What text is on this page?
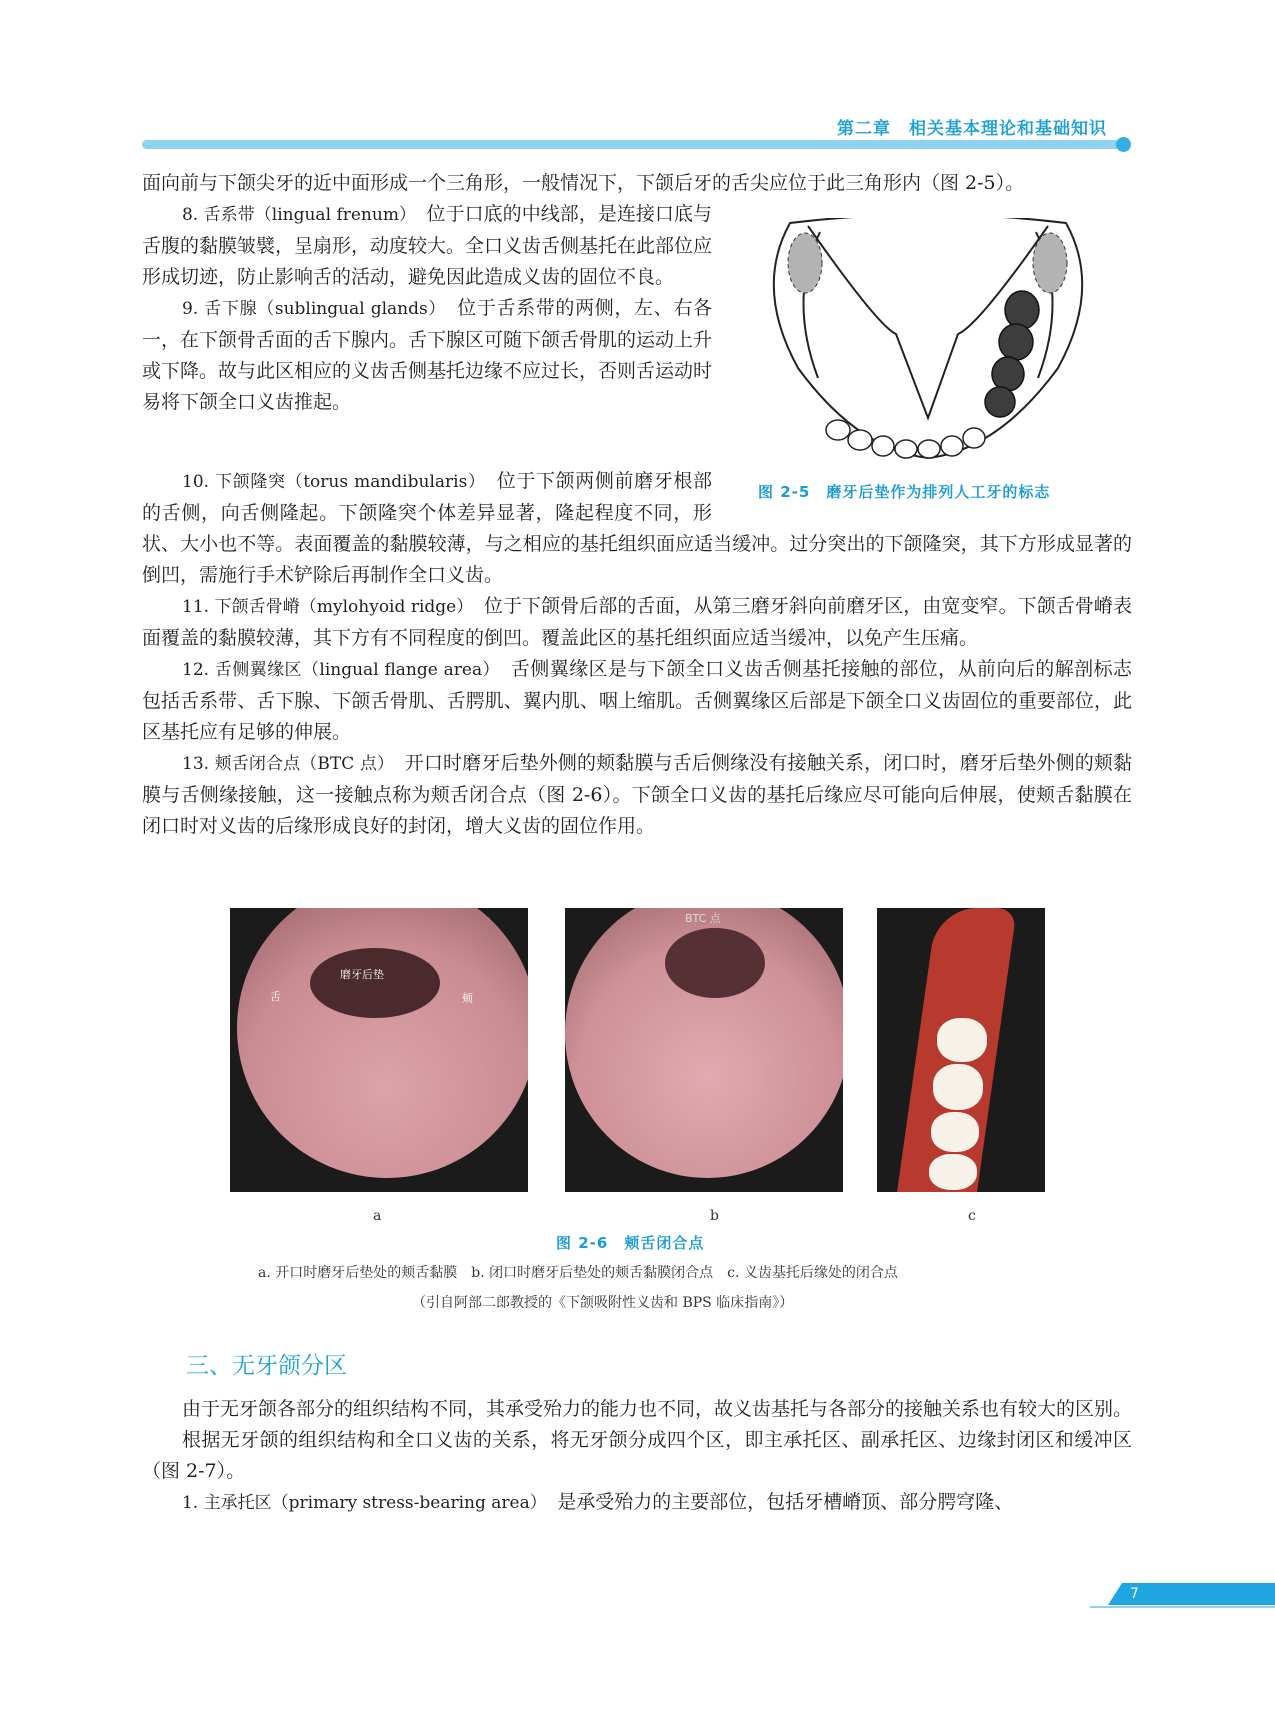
第二章　相关基本理论和基础知识

面向前与下颌尖牙的近中面形成一个三角形，一般情况下，下颌后牙的舌尖应位于此三角形内（图 2-5）。

8. 舌系带（lingual frenum）　位于口底的中线部，是连接口底与舌腹的黏膜皱襞，呈扇形，动度较大。全口义齿舌侧基托在此部位应形成切迹，防止影响舌的活动，避免因此造成义齿的固位不良。

9. 舌下腺（sublingual glands）　位于舌系带的两侧，左、右各一，在下颌骨舌面的舌下腺内。舌下腺区可随下颌舌骨肌的运动上升或下降。故与此区相应的义齿舌侧基托边缘不应过长，否则舌运动时易将下颌全口义齿推起。

10. 下颌隆突（torus mandibularis）　位于下颌两侧前磨牙根部的舌侧，向舌侧隆起。下颌隆突个体差异显著，隆起程度不同，形状、大小也不等。表面覆盖的黏膜较薄，与之相应的基托组织面应适当缓冲。过分突出的下颌隆突，其下方形成显著的倒凹，需施行手术铲除后再制作全口义齿。

11. 下颌舌骨嵴（mylohyoid ridge）　位于下颌骨后部的舌面，从第三磨牙斜向前磨牙区，由宽变窄。下颌舌骨嵴表面覆盖的黏膜较薄，其下方有不同程度的倒凹。覆盖此区的基托组织面应适当缓冲，以免产生压痛。

12. 舌侧翼缘区（lingual flange area）　舌侧翼缘区是与下颌全口义齿舌侧基托接触的部位，从前向后的解剖标志包括舌系带、舌下腺、下颌舌骨肌、舌腭肌、翼内肌、咽上缩肌。舌侧翼缘区后部是下颌全口义齿固位的重要部位，此区基托应有足够的伸展。

13. 颊舌闭合点（BTC 点）　开口时磨牙后垫外侧的颊黏膜与舌后侧缘没有接触关系，闭口时，磨牙后垫外侧的颊黏膜与舌侧缘接触，这一接触点称为颊舌闭合点（图 2-6）。下颌全口义齿的基托后缘应尽可能向后伸展，使颊舌黏膜在闭口时对义齿的后缘形成良好的封闭，增大义齿的固位作用。

图 2-5　磨牙后垫作为排列人工牙的标志
舌
磨牙后垫
颊
BTC 点
a	b	c
图 2-6　颊舌闭合点
a. 开口时磨牙后垫处的颊舌黏膜　b. 闭口时磨牙后垫处的颊舌黏膜闭合点　c. 义齿基托后缘处的闭合点
（引自阿部二郎教授的《下颌吸附性义齿和 BPS 临床指南》）
三、无牙颌分区

由于无牙颌各部分的组织结构不同，其承受殆力的能力也不同，故义齿基托与各部分的接触关系也有较大的区别。

根据无牙颌的组织结构和全口义齿的关系，将无牙颌分成四个区，即主承托区、副承托区、边缘封闭区和缓冲区（图 2-7）。

1. 主承托区（primary stress-bearing area）　是承受殆力的主要部位，包括牙槽嵴顶、部分腭穹隆、

7
